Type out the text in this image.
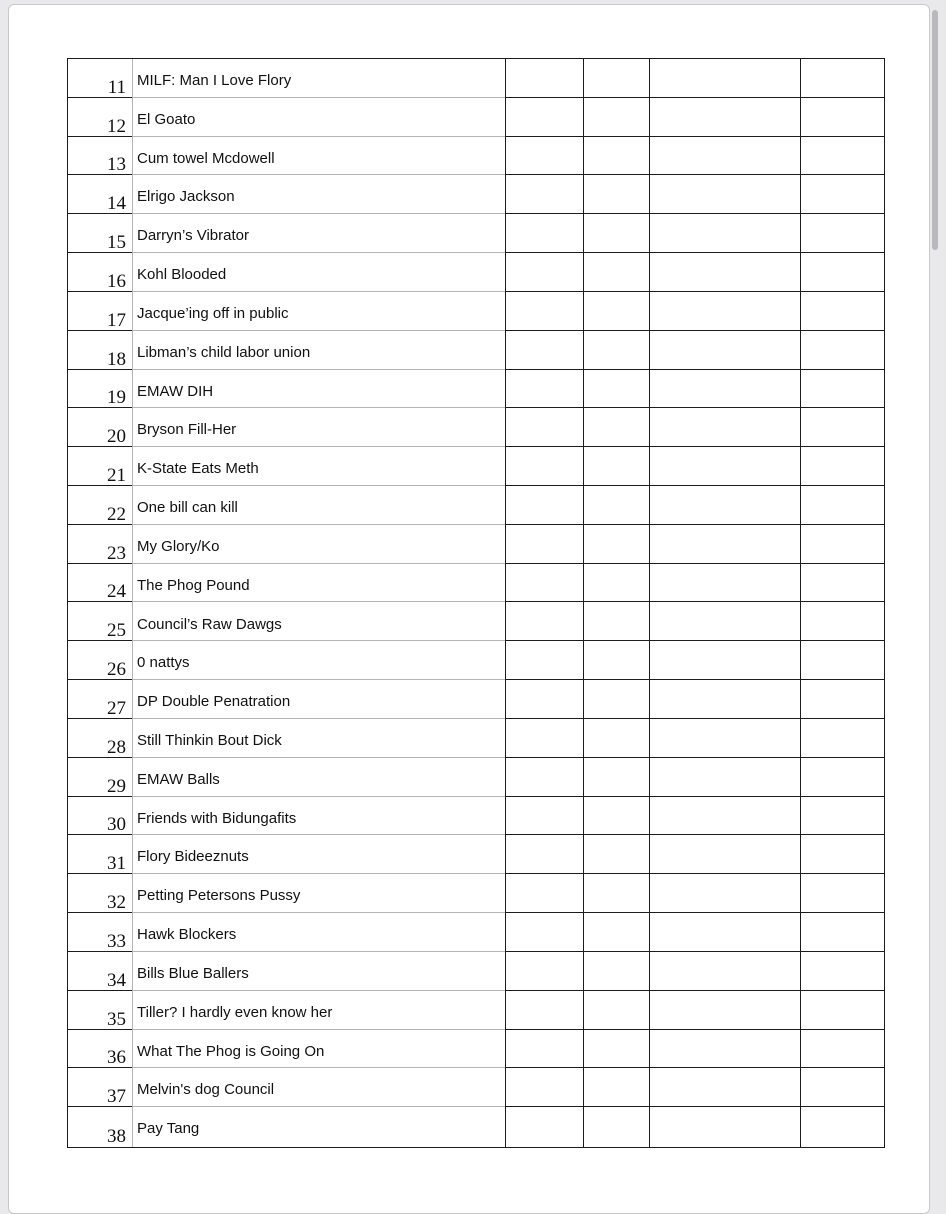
11 MILF: Man I Love Flory
12 El Goato
13 Cum towel Mcdowell
14 Elrigo Jackson
15 Darryn’s Vibrator
16 Kohl Blooded
17 Jacque’ing off in public
18 Libman’s child labor union
19 EMAW DIH
20 Bryson Fill-Her
21 K-State Eats Meth
22 One bill can kill
23 My Glory/Ko
24 The Phog Pound
25 Council’s Raw Dawgs
26 0 nattys
27 DP Double Penatration
28 Still Thinkin Bout Dick
29 EMAW Balls
30 Friends with Bidungafits
31 Flory Bideeznuts
32 Petting Petersons Pussy
33 Hawk Blockers
34 Bills Blue Ballers
35 Tiller? I hardly even know her
36 What The Phog is Going On
37 Melvin's dog Council
38 Pay Tang
